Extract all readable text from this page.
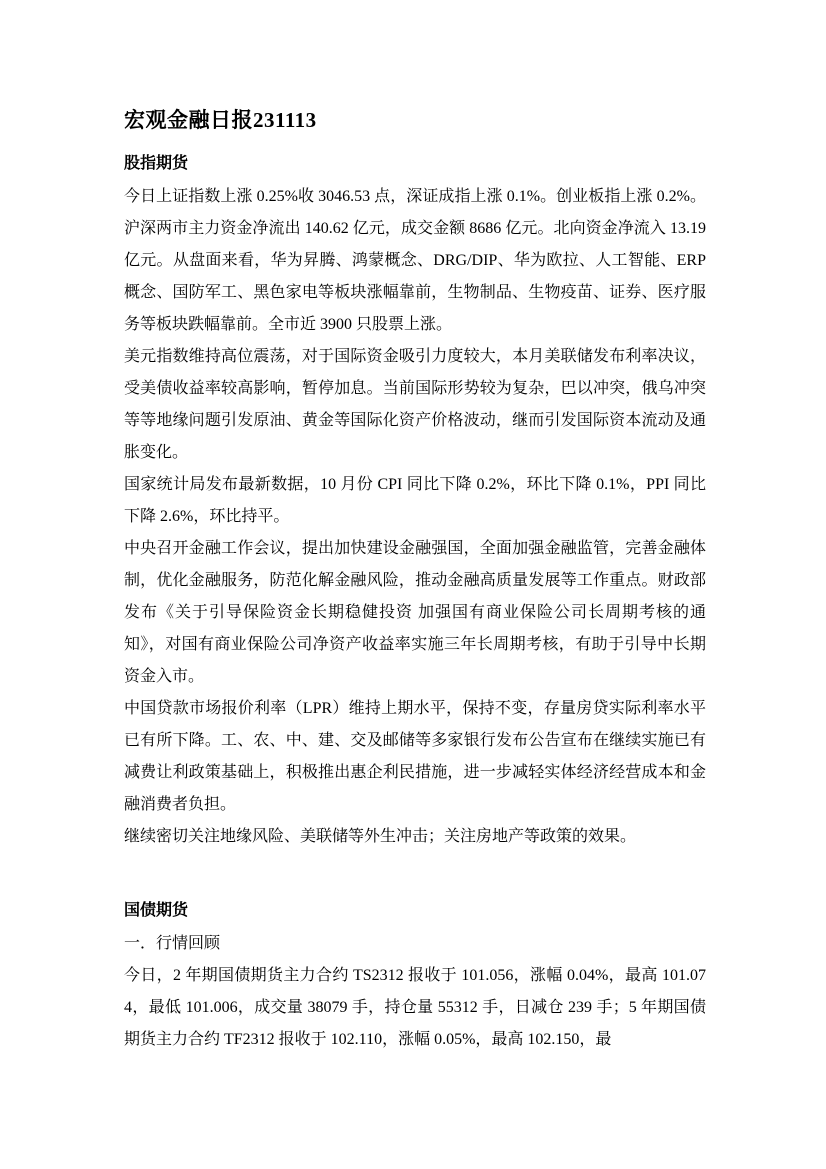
宏观金融日报231113
股指期货

今日上证指数上涨 0.25%收 3046.53 点，深证成指上涨 0.1%。创业板指上涨 0.2%。沪深两市主力资金净流出 140.62 亿元，成交金额 8686 亿元。北向资金净流入 13.19 亿元。从盘面来看，华为昇腾、鸿蒙概念、DRG/DIP、华为欧拉、人工智能、ERP 概念、国防军工、黑色家电等板块涨幅靠前，生物制品、生物疫苗、证券、医疗服务等板块跌幅靠前。全市近 3900 只股票上涨。

美元指数维持高位震荡，对于国际资金吸引力度较大，本月美联储发布利率决议，受美债收益率较高影响，暂停加息。当前国际形势较为复杂，巴以冲突，俄乌冲突等等地缘问题引发原油、黄金等国际化资产价格波动，继而引发国际资本流动及通胀变化。

国家统计局发布最新数据，10 月份 CPI 同比下降 0.2%，环比下降 0.1%，PPI 同比下降 2.6%，环比持平。

中央召开金融工作会议，提出加快建设金融强国，全面加强金融监管，完善金融体制，优化金融服务，防范化解金融风险，推动金融高质量发展等工作重点。财政部发布《关于引导保险资金长期稳健投资 加强国有商业保险公司长周期考核的通知》，对国有商业保险公司净资产收益率实施三年长周期考核，有助于引导中长期资金入市。

中国贷款市场报价利率（LPR）维持上期水平，保持不变，存量房贷实际利率水平已有所下降。工、农、中、建、交及邮储等多家银行发布公告宣布在继续实施已有减费让利政策基础上，积极推出惠企利民措施，进一步减轻实体经济经营成本和金融消费者负担。

继续密切关注地缘风险、美联储等外生冲击；关注房地产等政策的效果。

国债期货

一．行情回顾

今日，2 年期国债期货主力合约 TS2312 报收于 101.056，涨幅 0.04%，最高 101.074，最低 101.006，成交量 38079 手，持仓量 55312 手，日减仓 239 手；5 年期国债期货主力合约 TF2312 报收于 102.110，涨幅 0.05%，最高 102.150，最
